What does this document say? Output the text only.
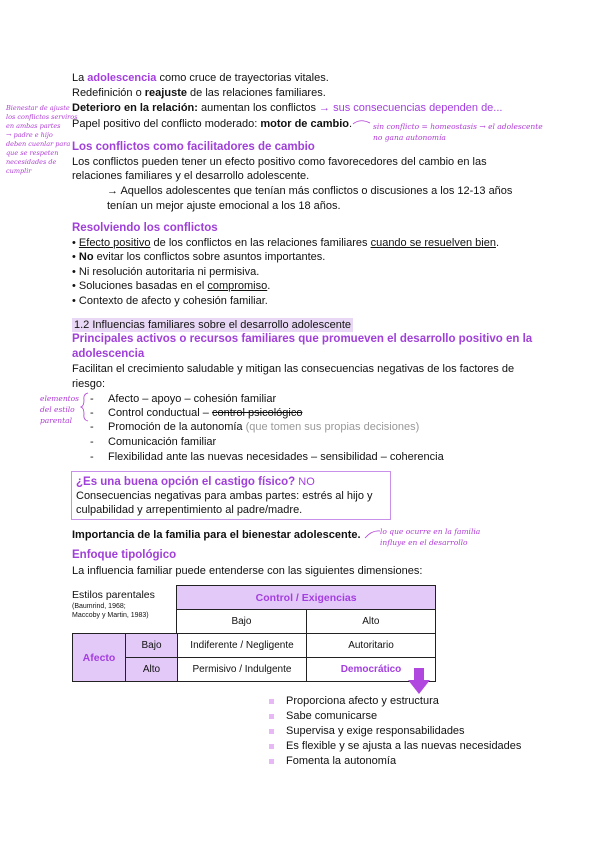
La adolescencia como cruce de trayectorias vitales.
Redefinición o reajuste de las relaciones familiares.
Deterioro en la relación: aumentan los conflictos → sus consecuencias dependen de...
Papel positivo del conflicto moderado: motor de cambio.
Los conflictos como facilitadores de cambio
Los conflictos pueden tener un efecto positivo como favorecedores del cambio en las
relaciones familiares y el desarrollo adolescente.
→ Aquellos adolescentes que tenían más conflictos o discusiones a los 12-13 años
tenían un mejor ajuste emocional a los 18 años.
Resolviendo los conflictos
• Efecto positivo de los conflictos en las relaciones familiares cuando se resuelven bien.
• No evitar los conflictos sobre asuntos importantes.
• Ni resolución autoritaria ni permisiva.
• Soluciones basadas en el compromiso.
• Contexto de afecto y cohesión familiar.
1.2 Influencias familiares sobre el desarrollo adolescente
Principales activos o recursos familiares que promueven el desarrollo positivo en la
adolescencia
Facilitan el crecimiento saludable y mitigan las consecuencias negativas de los factores de
riesgo:
- Afecto – apoyo – cohesión familiar
- Control conductual – control psicológico
- Promoción de la autonomía (que tomen sus propias decisiones)
- Comunicación familiar
- Flexibilidad ante las nuevas necesidades – sensibilidad – coherencia
¿Es una buena opción el castigo físico? NO
Consecuencias negativas para ambas partes: estrés al hijo y
culpabilidad y arrepentimiento al padre/madre.
Importancia de la familia para el bienestar adolescente.
Enfoque tipológico
La influencia familiar puede entenderse con las siguientes dimensiones:
Estilos parentales
(Baumrind, 1968;
Maccoby y Martin, 1983)	Control / Exigencias	
	Bajo	Alto
Afecto	Bajo	Indiferente / Negligente	Autoritario
	Alto	Permisivo / Indulgente	Democrático
Proporciona afecto y estructura
Sabe comunicarse
Supervisa y exige responsabilidades
Es flexible y se ajusta a las nuevas necesidades
Fomenta la autonomía
Bienestar de ajuste
los conflictos serviros
en ambas partes
→ padre e hijo
deben cuenlar para
que se respeten
necesidades de
cumplir
sin conflicto = homeostasis → el adolescente
no gana autonomía
elementos
del estilo
parental
lo que ocurre en la familia
influye en el desarrollo
